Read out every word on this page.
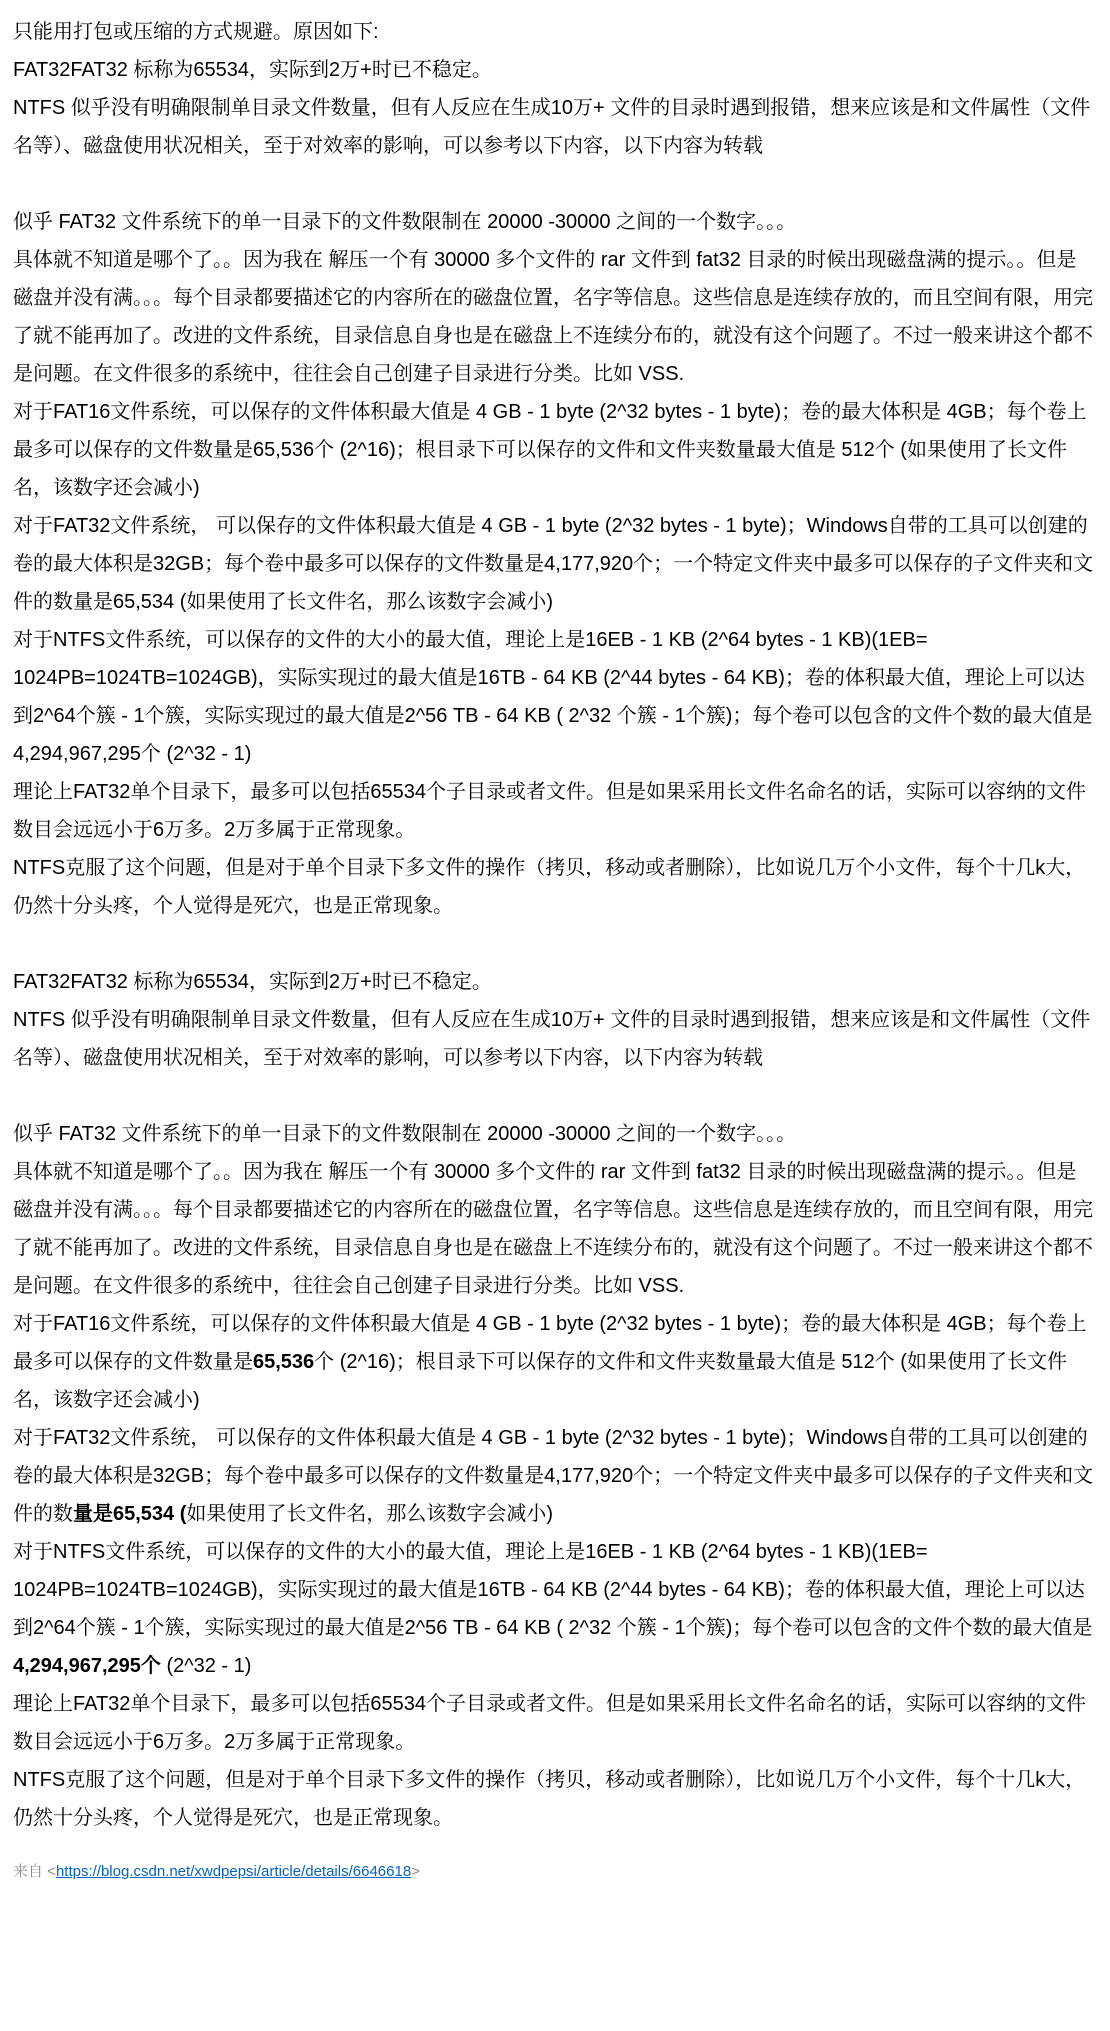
只能用打包或压缩的方式规避。原因如下:

FAT32FAT32 标称为65534，实际到2万+时已不稳定。

NTFS 似乎没有明确限制单目录文件数量，但有人反应在生成10万+ 文件的目录时遇到报错，想来应该是和文件属性（文件名等）、磁盘使用状况相关，至于对效率的影响，可以参考以下内容，以下内容为转载

似乎 FAT32 文件系统下的单一目录下的文件数限制在 20000 -30000 之间的一个数字。。。

具体就不知道是哪个了。。因为我在 解压一个有 30000 多个文件的 rar 文件到 fat32 目录的时候出现磁盘满的提示。。但是磁盘并没有满。。。每个目录都要描述它的内容所在的磁盘位置，名字等信息。这些信息是连续存放的，而且空间有限，用完了就不能再加了。改进的文件系统，目录信息自身也是在磁盘上不连续分布的，就没有这个问题了。不过一般来讲这个都不是问题。在文件很多的系统中，往往会自己创建子目录进行分类。比如 VSS.

对于FAT16文件系统，可以保存的文件体积最大值是 4 GB - 1 byte (2^32 bytes - 1 byte)；卷的最大体积是 4GB；每个卷上最多可以保存的文件数量是65,536个 (2^16)；根目录下可以保存的文件和文件夹数量最大值是 512个 (如果使用了长文件名，该数字还会减小)

对于FAT32文件系统， 可以保存的文件体积最大值是 4 GB - 1 byte (2^32 bytes - 1 byte)；Windows自带的工具可以创建的卷的最大体积是32GB；每个卷中最多可以保存的文件数量是4,177,920个；一个特定文件夹中最多可以保存的子文件夹和文件的数量是65,534 (如果使用了长文件名，那么该数字会减小)

对于NTFS文件系统，可以保存的文件的大小的最大值，理论上是16EB - 1 KB (2^64 bytes - 1 KB)(1EB= 1024PB=1024TB=1024GB)，实际实现过的最大值是16TB - 64 KB (2^44 bytes - 64 KB)；卷的体积最大值，理论上可以达到2^64个簇 - 1个簇，实际实现过的最大值是2^56 TB - 64 KB ( 2^32 个簇 - 1个簇)；每个卷可以包含的文件个数的最大值是4,294,967,295个 (2^32 - 1)

理论上FAT32单个目录下，最多可以包括65534个子目录或者文件。但是如果采用长文件名命名的话，实际可以容纳的文件数目会远远小于6万多。2万多属于正常现象。

NTFS克服了这个问题，但是对于单个目录下多文件的操作（拷贝，移动或者删除），比如说几万个小文件，每个十几k大，仍然十分头疼，个人觉得是死穴，也是正常现象。

FAT32FAT32 标称为65534，实际到2万+时已不稳定。

NTFS 似乎没有明确限制单目录文件数量，但有人反应在生成10万+ 文件的目录时遇到报错，想来应该是和文件属性（文件名等）、磁盘使用状况相关，至于对效率的影响，可以参考以下内容，以下内容为转载

似乎 FAT32 文件系统下的单一目录下的文件数限制在 20000 -30000 之间的一个数字。。。

具体就不知道是哪个了。。因为我在 解压一个有 30000 多个文件的 rar 文件到 fat32 目录的时候出现磁盘满的提示。。但是磁盘并没有满。。。每个目录都要描述它的内容所在的磁盘位置，名字等信息。这些信息是连续存放的，而且空间有限，用完了就不能再加了。改进的文件系统，目录信息自身也是在磁盘上不连续分布的，就没有这个问题了。不过一般来讲这个都不是问题。在文件很多的系统中，往往会自己创建子目录进行分类。比如 VSS.

对于FAT16文件系统，可以保存的文件体积最大值是 4 GB - 1 byte (2^32 bytes - 1 byte)；卷的最大体积是 4GB；每个卷上最多可以保存的文件数量是65,536个 (2^16)；根目录下可以保存的文件和文件夹数量最大值是 512个 (如果使用了长文件名，该数字还会减小)

对于FAT32文件系统， 可以保存的文件体积最大值是 4 GB - 1 byte (2^32 bytes - 1 byte)；Windows自带的工具可以创建的卷的最大体积是32GB；每个卷中最多可以保存的文件数量是4,177,920个；一个特定文件夹中最多可以保存的子文件夹和文件的数量是65,534 (如果使用了长文件名，那么该数字会减小)

对于NTFS文件系统，可以保存的文件的大小的最大值，理论上是16EB - 1 KB (2^64 bytes - 1 KB)(1EB= 1024PB=1024TB=1024GB)，实际实现过的最大值是16TB - 64 KB (2^44 bytes - 64 KB)；卷的体积最大值，理论上可以达到2^64个簇 - 1个簇，实际实现过的最大值是2^56 TB - 64 KB ( 2^32 个簇 - 1个簇)；每个卷可以包含的文件个数的最大值是4,294,967,295个 (2^32 - 1)

理论上FAT32单个目录下，最多可以包括65534个子目录或者文件。但是如果采用长文件名命名的话，实际可以容纳的文件数目会远远小于6万多。2万多属于正常现象。

NTFS克服了这个问题，但是对于单个目录下多文件的操作（拷贝，移动或者删除），比如说几万个小文件，每个十几k大，仍然十分头疼，个人觉得是死穴，也是正常现象。

来自 <https://blog.csdn.net/xwdpepsi/article/details/6646618>
